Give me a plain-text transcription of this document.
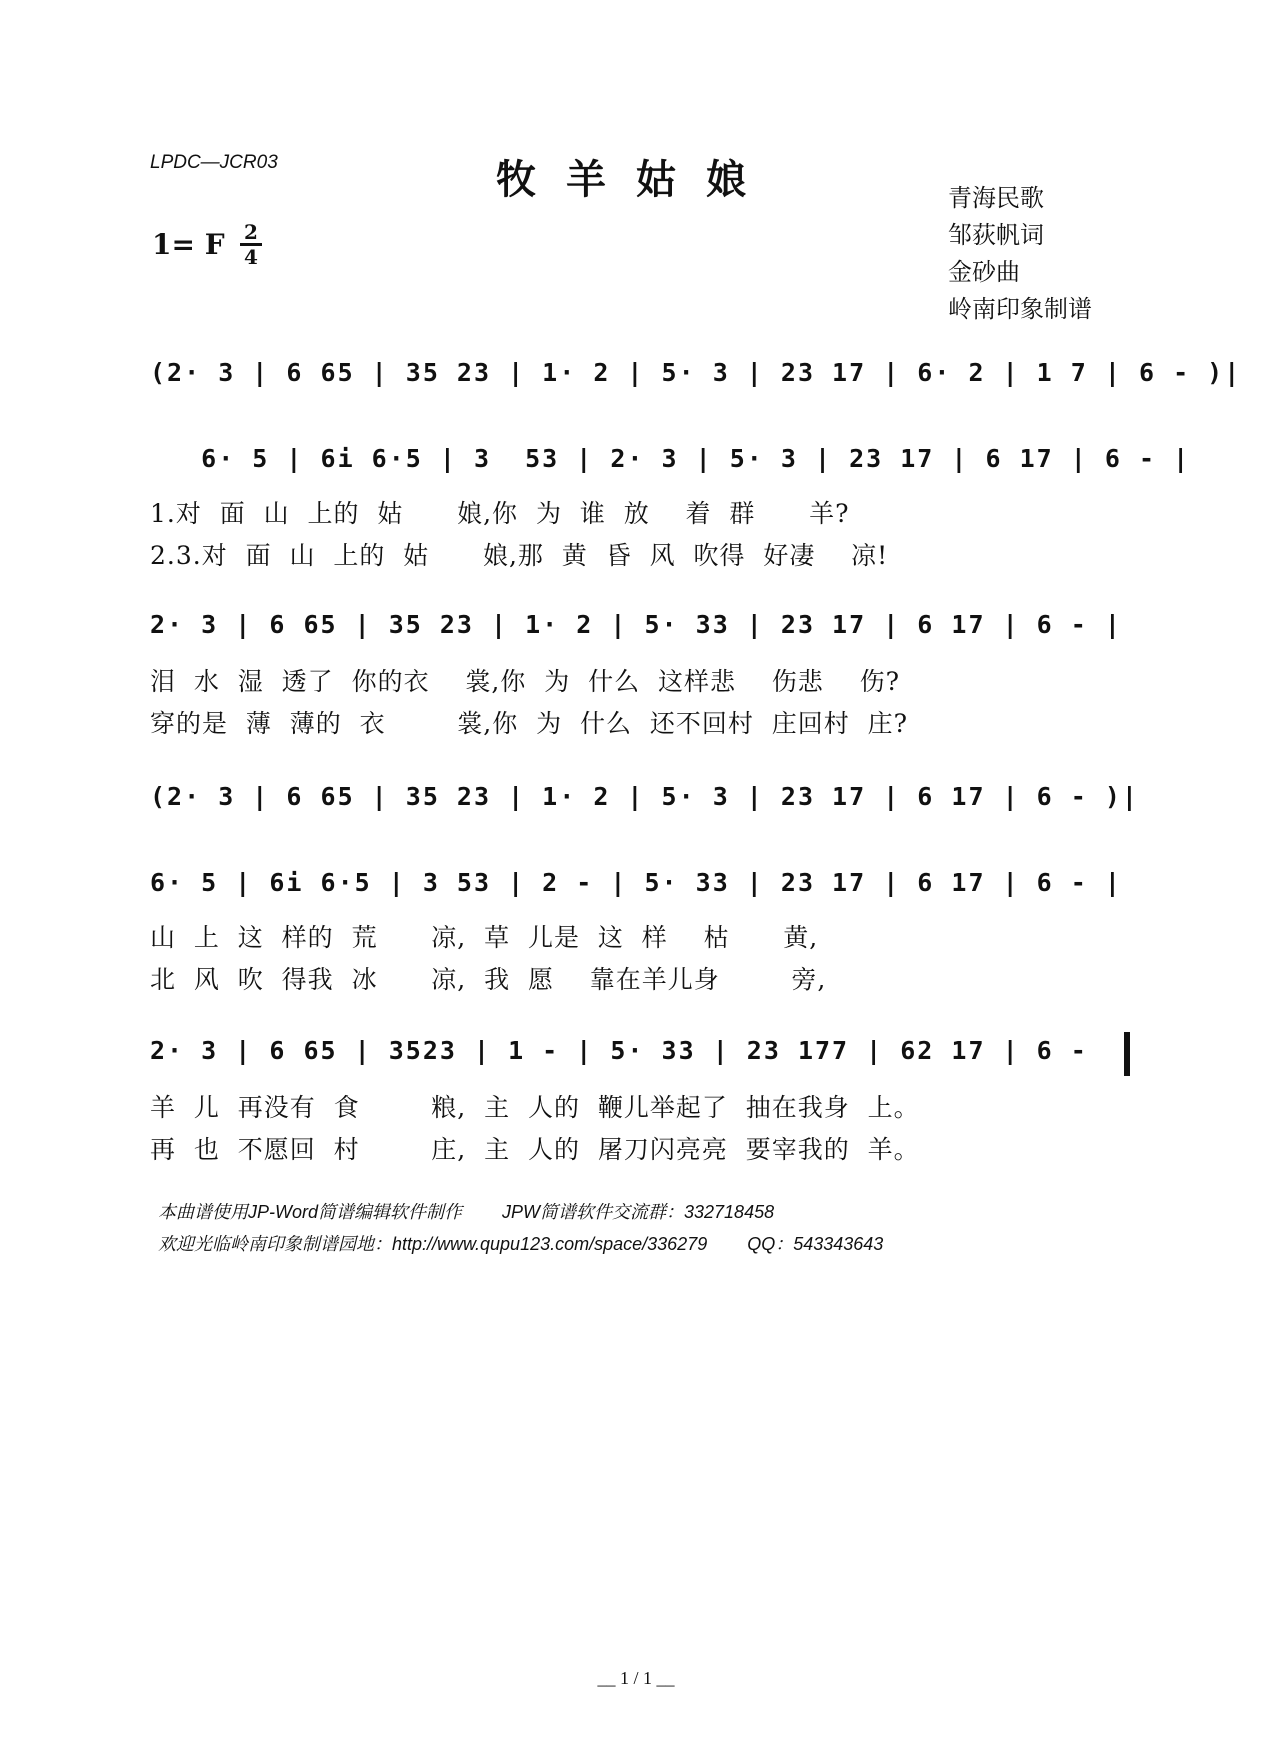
LPDC—JCR03	牧羊姑娘
1= F 2
4
青海民歌
邹荻帆词
金砂曲
岭南印象制谱
(2· 3 | 6 65 | 35 23 | 1· 2 | 5· 3 | 23 17 | 6· 2 | 1 7 | 6 - )|
6· 5 | 6i 6·5 | 3  53 | 2· 3 | 5· 3 | 23 17 | 6 17 | 6 - |
1.对  面  山  上的  姑      娘,你  为  谁  放    着  群      羊?
2.3.对  面  山  上的  姑      娘,那  黄  昏  风  吹得  好凄    凉!
2· 3 | 6 65 | 35 23 | 1· 2 | 5· 33 | 23 17 | 6 17 | 6 - |
泪  水  湿  透了  你的衣    裳,你  为  什么  这样悲    伤悲    伤?
穿的是  薄  薄的  衣        裳,你  为  什么  还不回村  庄回村  庄?
(2· 3 | 6 65 | 35 23 | 1· 2 | 5· 3 | 23 17 | 6 17 | 6 - )|
6· 5 | 6i 6·5 | 3 53 | 2 - | 5· 33 | 23 17 | 6 17 | 6 - |
山  上  这  样的  荒      凉,  草  儿是  这  样    枯      黄,
北  风  吹  得我  冰      凉,  我  愿    靠在羊儿身        旁,
2· 3 | 6 65 | 3523 | 1 - | 5· 33 | 23 177 | 62 17 | 6 -
羊  儿  再没有  食        粮,  主  人的  鞭儿举起了  抽在我身  上。
再  也  不愿回  村        庄,  主  人的  屠刀闪亮亮  要宰我的  羊。
本曲谱使用JP-Word简谱编辑软件制作        JPW简谱软件交流群：332718458
欢迎光临岭南印象制谱园地：http://www.qupu123.com/space/336279        QQ：543343643
__ 1 / 1 __
